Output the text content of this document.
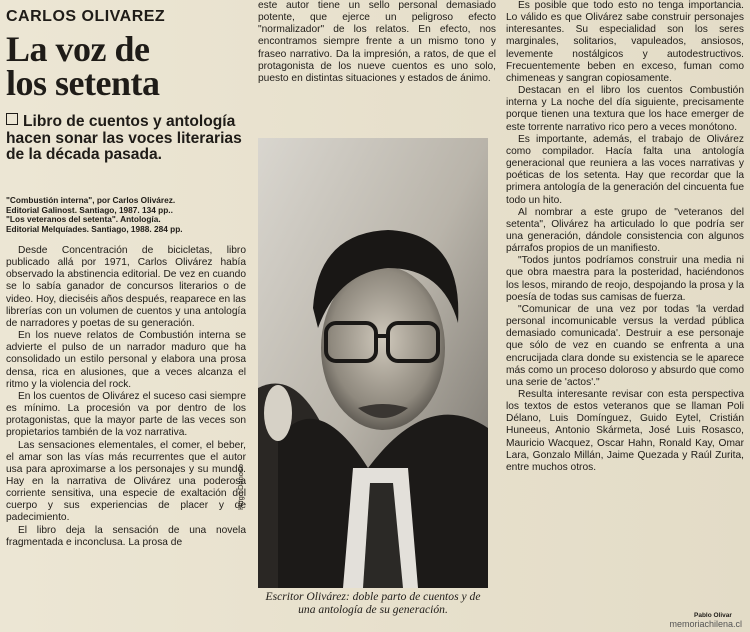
CARLOS OLIVAREZ
La voz de
los setenta
Libro de cuentos y antología hacen sonar las voces literarias de la década pasada.
"Combustión interna", por Carlos Olivárez.
Editorial Galinost. Santiago, 1987. 134 pp..
"Los veteranos del setenta". Antología.
Editorial Melquíades. Santiago, 1988. 284 pp.

Desde Concentración de bicicletas, libro publicado allá por 1971, Carlos Olivárez había observado la abstinencia editorial. De vez en cuando se lo sabía ganador de concursos literarios o de video. Hoy, dieciséis años después, reaparece en las librerías con un volumen de cuentos y una antología de narradores y poetas de su generación.

En los nueve relatos de Combustión interna se advierte el pulso de un narrador maduro que ha consolidado un estilo personal y elabora una prosa densa, rica en alusiones, que a veces alcanza el ritmo y la violencia del rock.

En los cuentos de Olivárez el suceso casi siempre es mínimo. La procesión va por dentro de los protagonistas, que la mayor parte de las veces son propietarios también de la voz narrativa.

Las sensaciones elementales, el comer, el beber, el amar son las vías más recurrentes que el autor usa para aproximarse a los personajes y su mundo. Hay en la narrativa de Olivárez una poderosa corriente sensitiva, una especie de exaltación del cuerpo y sus experiencias de placer y de padecimiento.

El libro deja la sensación de una novela fragmentada e inconclusa. La prosa de

este autor tiene un sello personal demasiado potente, que ejerce un peligroso efecto "normalizador" de los relatos. En efecto, nos encontramos siempre frente a un mismo tono y fraseo narrativo. Da la impresión, a ratos, de que el protagonista de los nueve cuentos es uno solo, puesto en distintas situaciones y estados de ánimo.

Hugo Donoso
Escritor Olivárez: doble parto de cuentos y de una antología de su generación.

Es posible que todo esto no tenga importancia. Lo válido es que Olivárez sabe construir personajes interesantes. Su especialidad son los seres marginales, solitarios, vapuleados, ansiosos, levemente nostálgicos y autodestructivos. Frecuentemente beben en exceso, fuman como chimeneas y sangran copiosamente.

Destacan en el libro los cuentos Combustión interna y La noche del día siguiente, precisamente porque tienen una textura que los hace emerger de este torrente narrativo rico pero a veces monótono.

Es importante, además, el trabajo de Olivárez como compilador. Hacía falta una antología generacional que reuniera a las voces narrativas y poéticas de los setenta. Hay que recordar que la primera antología de la generación del cincuenta fue todo un hito.

Al nombrar a este grupo de "veteranos del setenta", Olivárez ha articulado lo que podría ser una generación, dándole consistencia con algunos párrafos propios de un manifiesto.

"Todos juntos podríamos construir una media ni que obra maestra para la posteridad, haciéndonos los lesos, mirando de reojo, despojando la prosa y la poesía de todas sus camisas de fuerza.

"Comunicar de una vez por todas 'la verdad personal incomunicable versus la verdad pública demasiado comunicada'. Destruir a ese personaje que sólo de vez en cuando se enfrenta a una encrucijada clara donde su existencia se le aparece más como un proceso doloroso y absurdo que como una serie de 'actos'."

Resulta interesante revisar con esta perspectiva los textos de estos veteranos que se llaman Poli Délano, Luis Domínguez, Guido Eytel, Cristián Huneeus, Antonio Skármeta, José Luis Rosasco, Mauricio Wacquez, Oscar Hahn, Ronald Kay, Omar Lara, Gonzalo Millán, Jaime Quezada y Raúl Zurita, entre muchos otros.

Pablo Olivar
memoriachilena.cl
